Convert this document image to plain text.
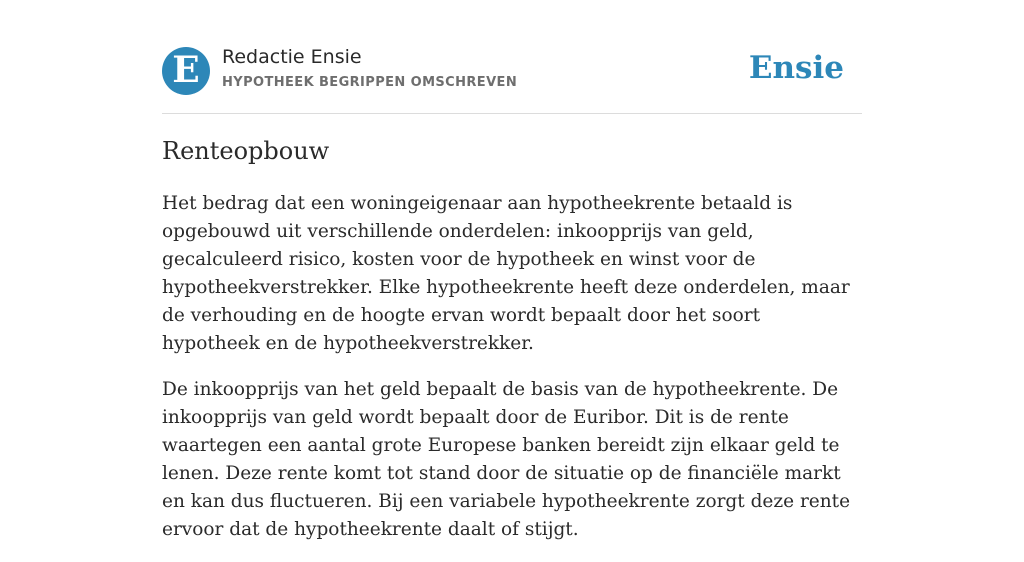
E Redactie Ensie
HYPOTHEEK BEGRIPPEN OMSCHREVEN	Ensie
Renteopbouw

Het bedrag dat een woningeigenaar aan hypotheekrente betaald is opgebouwd uit verschillende onderdelen: inkoopprijs van geld, gecalculeerd risico, kosten voor de hypotheek en winst voor de hypotheekverstrekker. Elke hypotheekrente heeft deze onderdelen, maar de verhouding en de hoogte ervan wordt bepaalt door het soort hypotheek en de hypotheekverstrekker.

De inkoopprijs van het geld bepaalt de basis van de hypotheekrente. De inkoopprijs van geld wordt bepaalt door de Euribor. Dit is de rente waartegen een aantal grote Europese banken bereidt zijn elkaar geld te lenen. Deze rente komt tot stand door de situatie op de financiële markt en kan dus fluctueren. Bij een variabele hypotheekrente zorgt deze rente ervoor dat de hypotheekrente daalt of stijgt.
